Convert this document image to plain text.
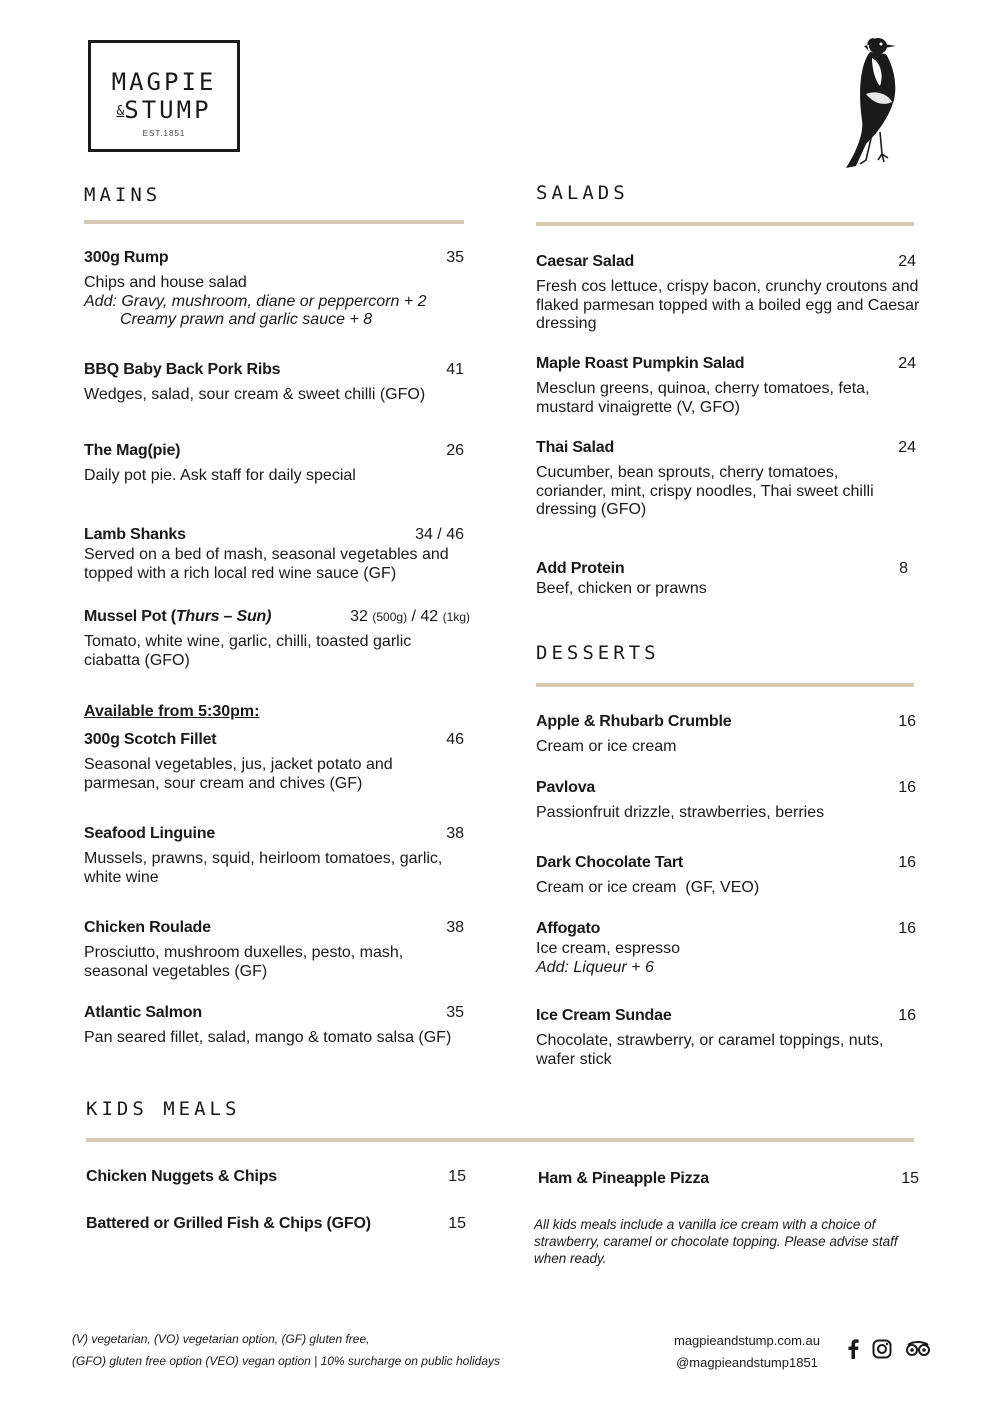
MAGPIE
&STUMP
EST.1851
MAINS
300g Rump	35
Chips and house salad
Add: Gravy, mushroom, diane or peppercorn + 2
Creamy prawn and garlic sauce + 8
BBQ Baby Back Pork Ribs	41
Wedges, salad, sour cream & sweet chilli (GFO)
The Mag(pie)	26
Daily pot pie. Ask staff for daily special
Lamb Shanks	34 / 46
Served on a bed of mash, seasonal vegetables and topped with a rich local red wine sauce (GF)
Mussel Pot (Thurs – Sun)	32 (500g) / 42 (1kg)
Tomato, white wine, garlic, chilli, toasted garlic ciabatta (GFO)
Available from 5:30pm:
300g Scotch Fillet	46
Seasonal vegetables, jus, jacket potato and parmesan, sour cream and chives (GF)
Seafood Linguine	38
Mussels, prawns, squid, heirloom tomatoes, garlic, white wine
Chicken Roulade	38
Prosciutto, mushroom duxelles, pesto, mash, seasonal vegetables (GF)
Atlantic Salmon	35
Pan seared fillet, salad, mango & tomato salsa (GF)
SALADS
Caesar Salad	24
Fresh cos lettuce, crispy bacon, crunchy croutons and flaked parmesan topped with a boiled egg and Caesar dressing
Maple Roast Pumpkin Salad	24
Mesclun greens, quinoa, cherry tomatoes, feta, mustard vinaigrette (V, GFO)
Thai Salad	24
Cucumber, bean sprouts, cherry tomatoes, coriander, mint, crispy noodles, Thai sweet chilli dressing (GFO)
Add Protein	8
Beef, chicken or prawns
DESSERTS
Apple & Rhubarb Crumble	16
Cream or ice cream
Pavlova	16
Passionfruit drizzle, strawberries, berries
Dark Chocolate Tart	16
Cream or ice cream  (GF, VEO)
Affogato	16
Ice cream, espresso
Add: Liqueur + 6
Ice Cream Sundae	16
Chocolate, strawberry, or caramel toppings, nuts, wafer stick
KIDS MEALS
Chicken Nuggets & Chips	15
Battered or Grilled Fish & Chips (GFO)	15
Ham & Pineapple Pizza	15
All kids meals include a vanilla ice cream with a choice of strawberry, caramel or chocolate topping. Please advise staff when ready.
(V) vegetarian, (VO) vegetarian option, (GF) gluten free,
(GFO) gluten free option (VEO) vegan option | 10% surcharge on public holidays
magpieandstump.com.au
@magpieandstump1851
